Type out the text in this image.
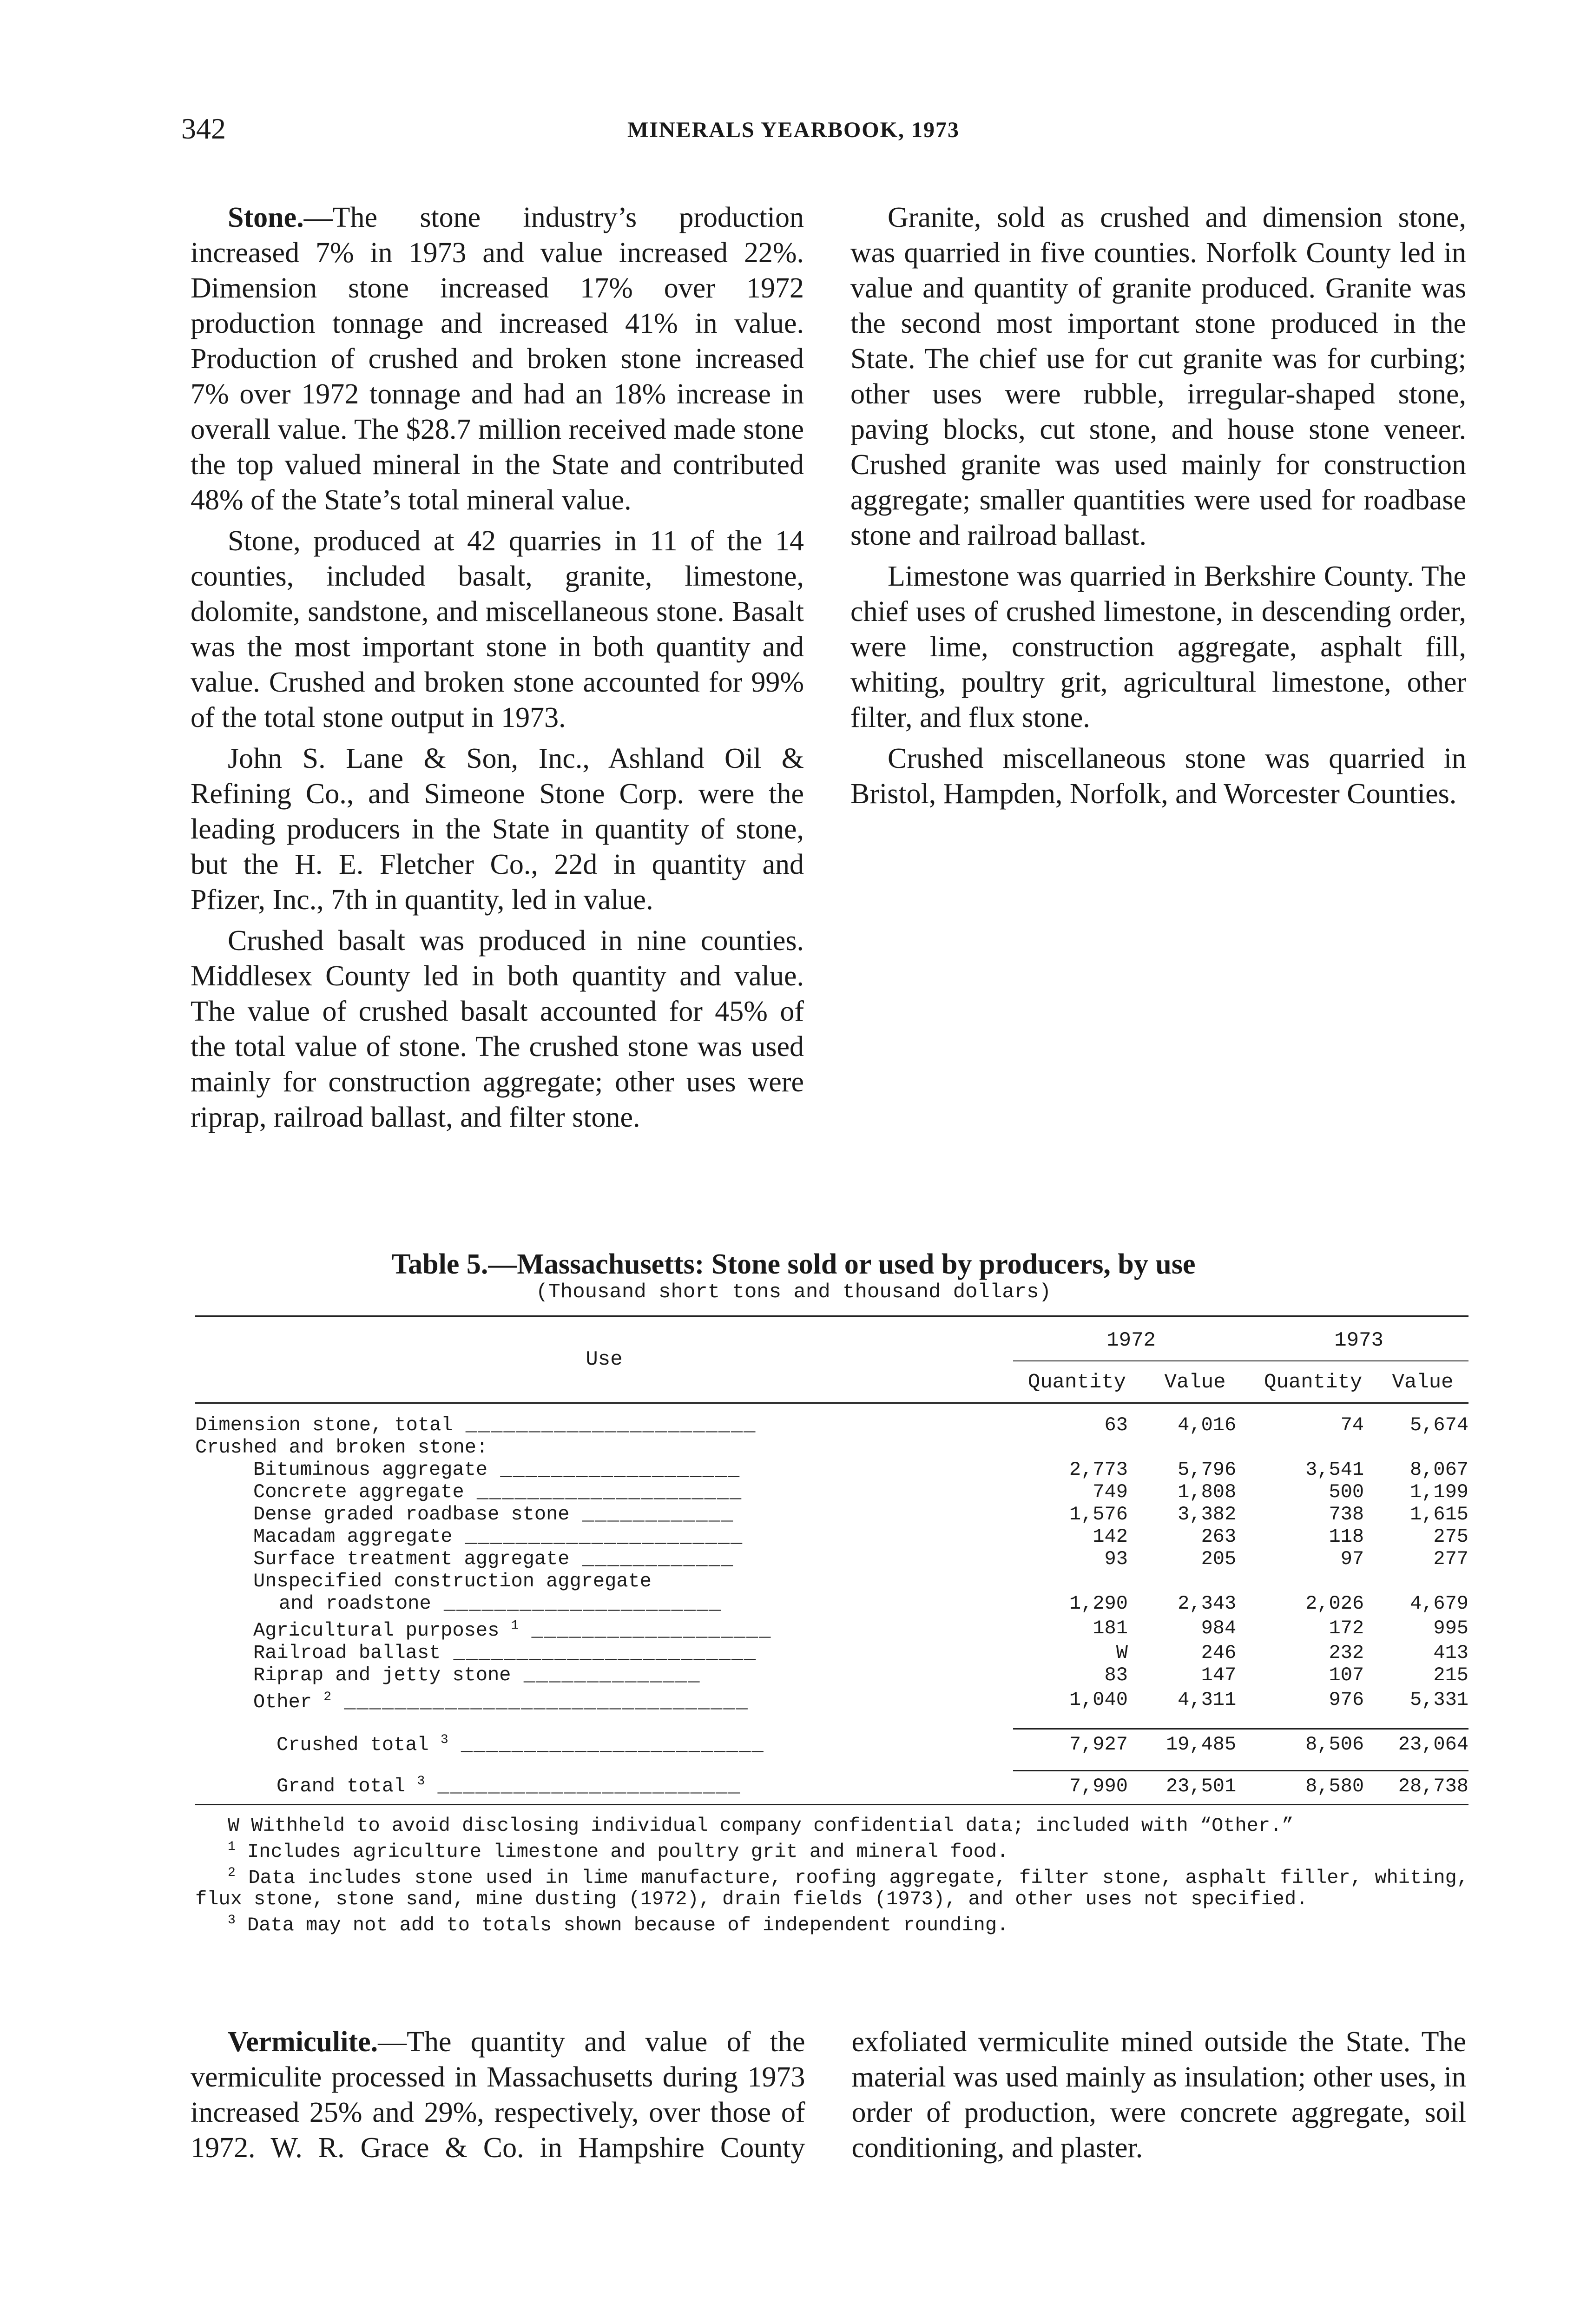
342	MINERALS YEARBOOK, 1973

Stone.—The stone industry’s production increased 7% in 1973 and value increased 22%. Dimension stone increased 17% over 1972 production tonnage and increased 41% in value. Production of crushed and broken stone increased 7% over 1972 tonnage and had an 18% increase in overall value. The $28.7 million received made stone the top valued mineral in the State and contributed 48% of the State’s total mineral value.

Stone, produced at 42 quarries in 11 of the 14 counties, included basalt, granite, limestone, dolomite, sandstone, and miscellaneous stone. Basalt was the most important stone in both quantity and value. Crushed and broken stone accounted for 99% of the total stone output in 1973.

John S. Lane & Son, Inc., Ashland Oil & Refining Co., and Simeone Stone Corp. were the leading producers in the State in quantity of stone, but the H. E. Fletcher Co., 22d in quantity and Pfizer, Inc., 7th in quantity, led in value.

Crushed basalt was produced in nine counties. Middlesex County led in both quantity and value. The value of crushed basalt accounted for 45% of the total value of stone. The crushed stone was used mainly for construction aggregate; other uses were riprap, railroad ballast, and filter stone.

Granite, sold as crushed and dimension stone, was quarried in five counties. Norfolk County led in value and quantity of granite produced. Granite was the second most important stone produced in the State. The chief use for cut granite was for curbing; other uses were rubble, irregular-shaped stone, paving blocks, cut stone, and house stone veneer. Crushed granite was used mainly for construction aggregate; smaller quantities were used for roadbase stone and railroad ballast.

Limestone was quarried in Berkshire County. The chief uses of crushed limestone, in descending order, were lime, construction aggregate, asphalt fill, whiting, poultry grit, agricultural limestone, other filter, and flux stone.

Crushed miscellaneous stone was quarried in Bristol, Hampden, Norfolk, and Worcester Counties.

Table 5.—Massachusetts: Stone sold or used by producers, by use
(Thousand short tons and thousand dollars)
Use	1972		1973	
	Quantity	Value	Quantity	Value

Dimension stone, total _______________________	63	4,016	74	5,674
Crushed and broken stone:				
Bituminous aggregate ___________________	2,773	5,796	3,541	8,067
Concrete aggregate _____________________	749	1,808	500	1,199
Dense graded roadbase stone ____________	1,576	3,382	738	1,615
Macadam aggregate ______________________	142	263	118	275
Surface treatment aggregate ____________	93	205	97	277
Unspecified construction aggregate				
and roadstone ______________________	1,290	2,343	2,026	4,679
Agricultural purposes $^1$ ___________________	181	984	172	995
Railroad ballast ________________________	W	246	232	413
Riprap and jetty stone ______________	83	147	107	215
Other $^2$ ________________________________	1,040	4,311	976	5,331

Crushed total $^3$ ________________________	7,927	19,485	8,506	23,064

Grand total $^3$ ________________________	7,990	23,501	8,580	28,738

W Withheld to avoid disclosing individual company confidential data; included with “Other.”

$^1$ Includes agriculture limestone and poultry grit and mineral food.

$^2$ Data includes stone used in lime manufacture, roofing aggregate, filter stone, asphalt filler, whiting, flux stone, stone sand, mine dusting (1972), drain fields (1973), and other uses not specified.

$^3$ Data may not add to totals shown because of independent rounding.

Vermiculite.—The quantity and value of the vermiculite processed in Massachusetts during 1973 increased 25% and 29%, respectively, over those of 1972. W. R. Grace & Co. in Hampshire County exfoliated vermiculite mined outside the State. The material was used mainly as insulation; other uses, in order of production, were concrete aggregate, soil conditioning, and plaster.
